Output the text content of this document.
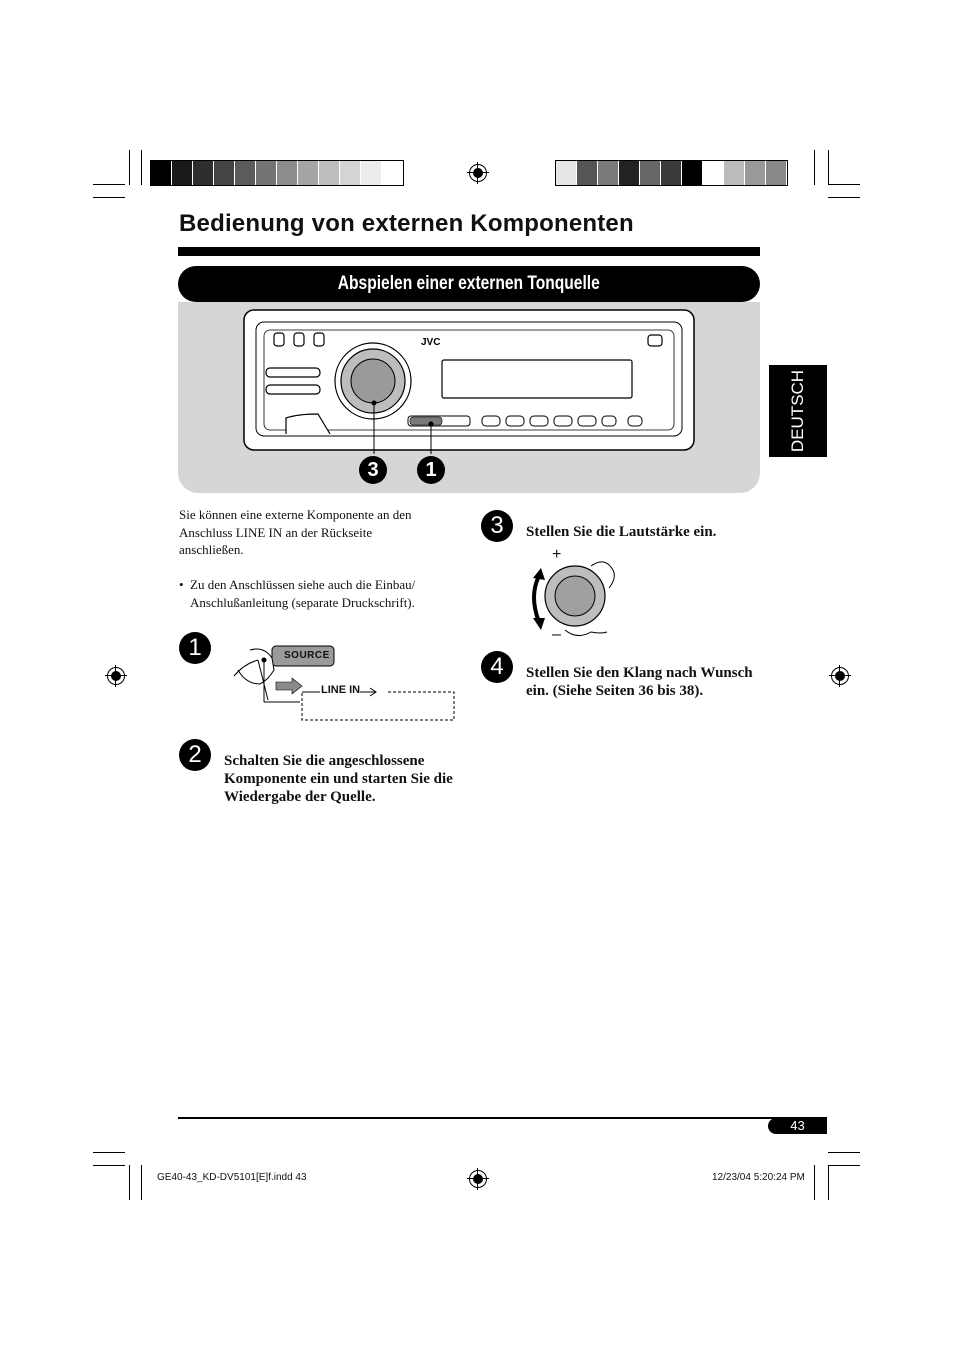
Bedienung von externen Komponenten
Abspielen einer externen Tonquelle
DEUTSCH
JVC
3	1
Sie können eine externe Komponente an den Anschluss LINE IN an der Rückseite anschließen.
• Zu den Anschlüssen siehe auch die Einbau/ Anschlußanleitung (separate Druckschrift).
1	SOURCE
LINE IN
2	Schalten Sie die angeschlossene Komponente ein und starten Sie die Wiedergabe der Quelle.
3	Stellen Sie die Lautstärke ein.
+
–
4	Stellen Sie den Klang nach Wunsch ein. (Siehe Seiten 36 bis 38).
43
GE40-43_KD-DV5101[E]f.indd 43	12/23/04 5:20:24 PM
